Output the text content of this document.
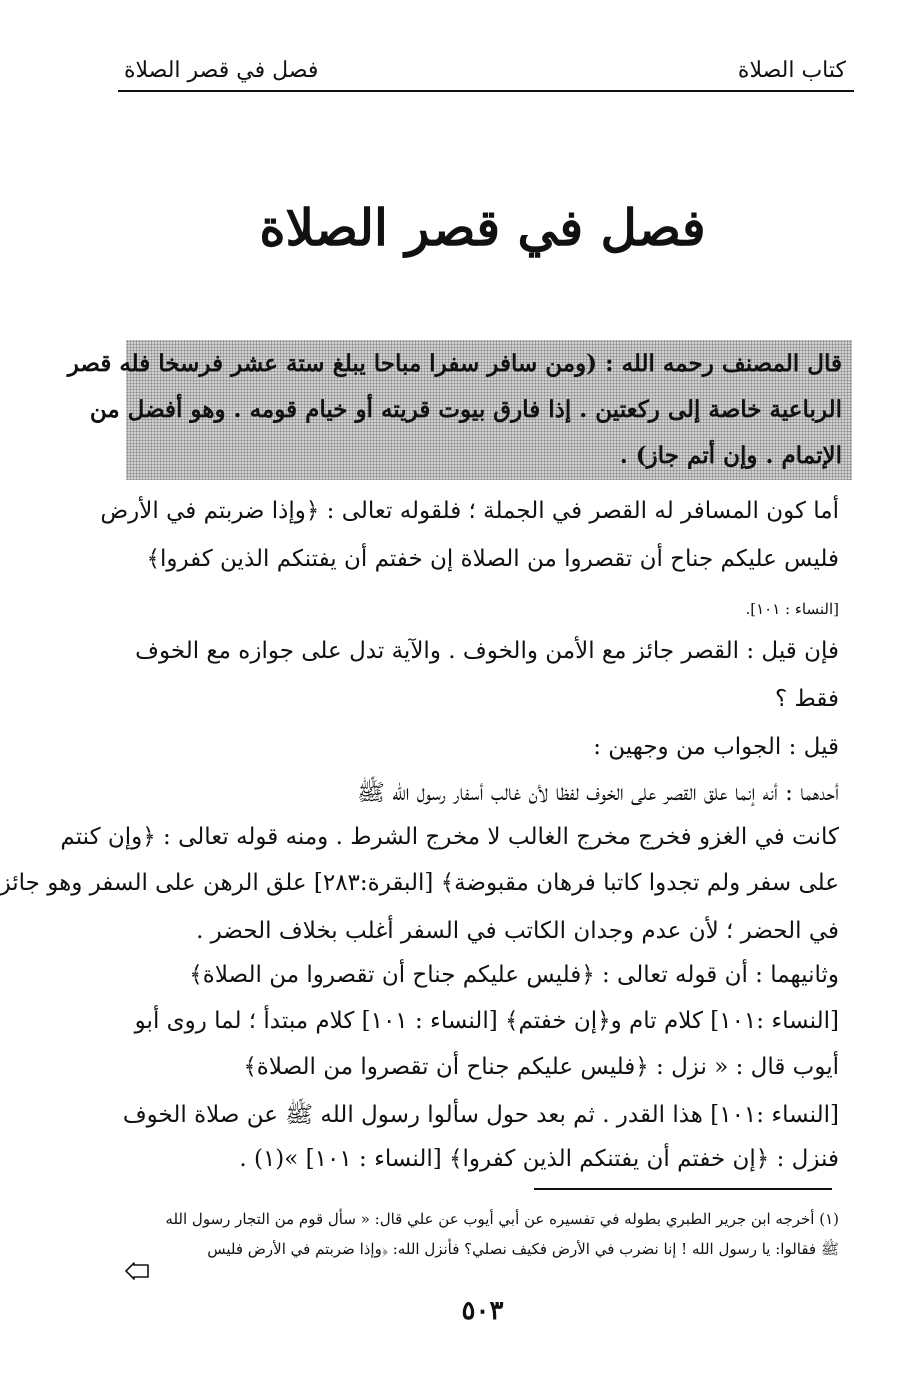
كتاب الصلاة
فصل في قصر الصلاة
فصل في قصر الصلاة
قال المصنف رحمه الله : (ومن سافر سفرا مباحا يبلغ ستة عشر فرسخا فله قصر
الرباعية خاصة إلى ركعتين . إذا فارق بيوت قريته أو خيام قومه . وهو أفضل من
الإتمام . وإن أتم جاز) .
أما كون المسافر له القصر في الجملة ؛ فلقوله تعالى : ﴿وإذا ضربتم في الأرض
فليس عليكم جناح أن تقصروا من الصلاة إن خفتم أن يفتنكم الذين كفروا﴾
[النساء : ١٠١].
فإن قيل : القصر جائز مع الأمن والخوف . والآية تدل على جوازه مع الخوف
فقط ؟
قيل : الجواب من وجهين :
أحدهما : أنه إنما علق القصر على الخوف لفظا لأن غالب أسفار رسول الله ﷺ
كانت في الغزو فخرج مخرج الغالب لا مخرج الشرط . ومنه قوله تعالى : ﴿وإن كنتم
على سفر ولم تجدوا كاتبا فرهان مقبوضة﴾ [البقرة:٢٨٣] علق الرهن على السفر وهو جائز
في الحضر ؛ لأن عدم وجدان الكاتب في السفر أغلب بخلاف الحضر .
وثانيهما : أن قوله تعالى : ﴿فليس عليكم جناح أن تقصروا من الصلاة﴾
[النساء :١٠١] كلام تام و﴿إن خفتم﴾ [النساء : ١٠١] كلام مبتدأ ؛ لما روى أبو
أيوب قال : « نزل : ﴿فليس عليكم جناح أن تقصروا من الصلاة﴾
[النساء :١٠١] هذا القدر . ثم بعد حول سألوا رسول الله ﷺ عن صلاة الخوف
فنزل : ﴿إن خفتم أن يفتنكم الذين كفروا﴾ [النساء : ١٠١] »(١) .
(١) أخرجه ابن جرير الطبري بطوله في تفسيره عن أبي أيوب عن علي قال: « سأل قوم من التجار رسول الله
ﷺ فقالوا: يا رسول الله ! إنا نضرب في الأرض فكيف نصلي؟ فأنزل الله: ﴿وإذا ضربتم في الأرض فليس
٥٠٣
